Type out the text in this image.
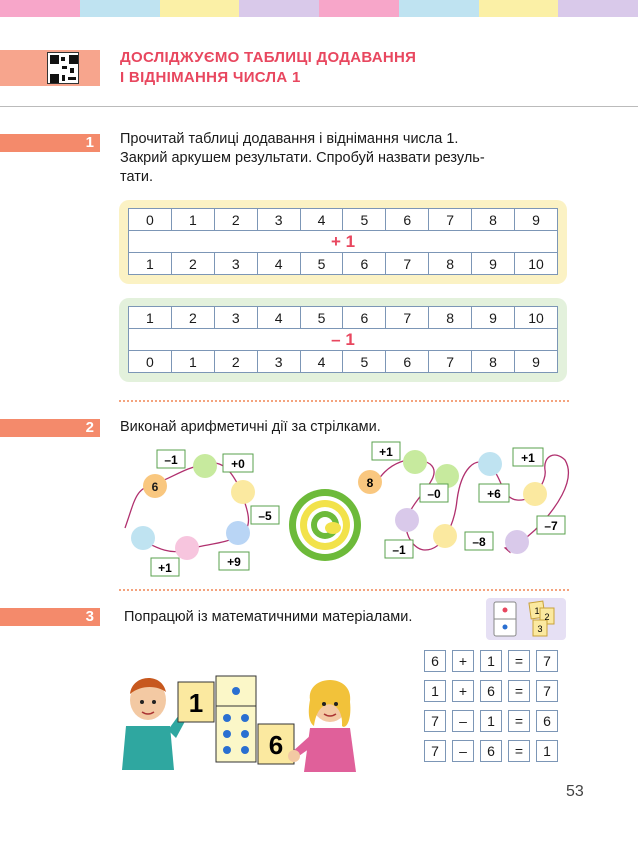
ДОСЛІДЖУЄМО ТАБЛИЦІ ДОДАВАННЯ
І ВІДНІМАННЯ ЧИСЛА 1
1	Прочитай таблиці додавання і віднімання числа 1.
Закрий аркушем результати. Спробуй назвати резуль-
тати.
0	1	2	3	4	5	6	7	8	9
+ 1									
1	2	3	4	5	6	7	8	9	10
1	2	3	4	5	6	7	8	9	10
– 1									
0	1	2	3	4	5	6	7	8	9
2	Виконай арифметичні дії за стрілками.
6
–1	+0
–5
+9
+1
8
+1
–0	+6
+1
–7
–8
–1
3	Попрацюй із математичними матеріалами.	1
2
3
1
6
6	+	1	=	7
1	+	6	=	7
7	–	1	=	6
7	–	6	=	1
53
